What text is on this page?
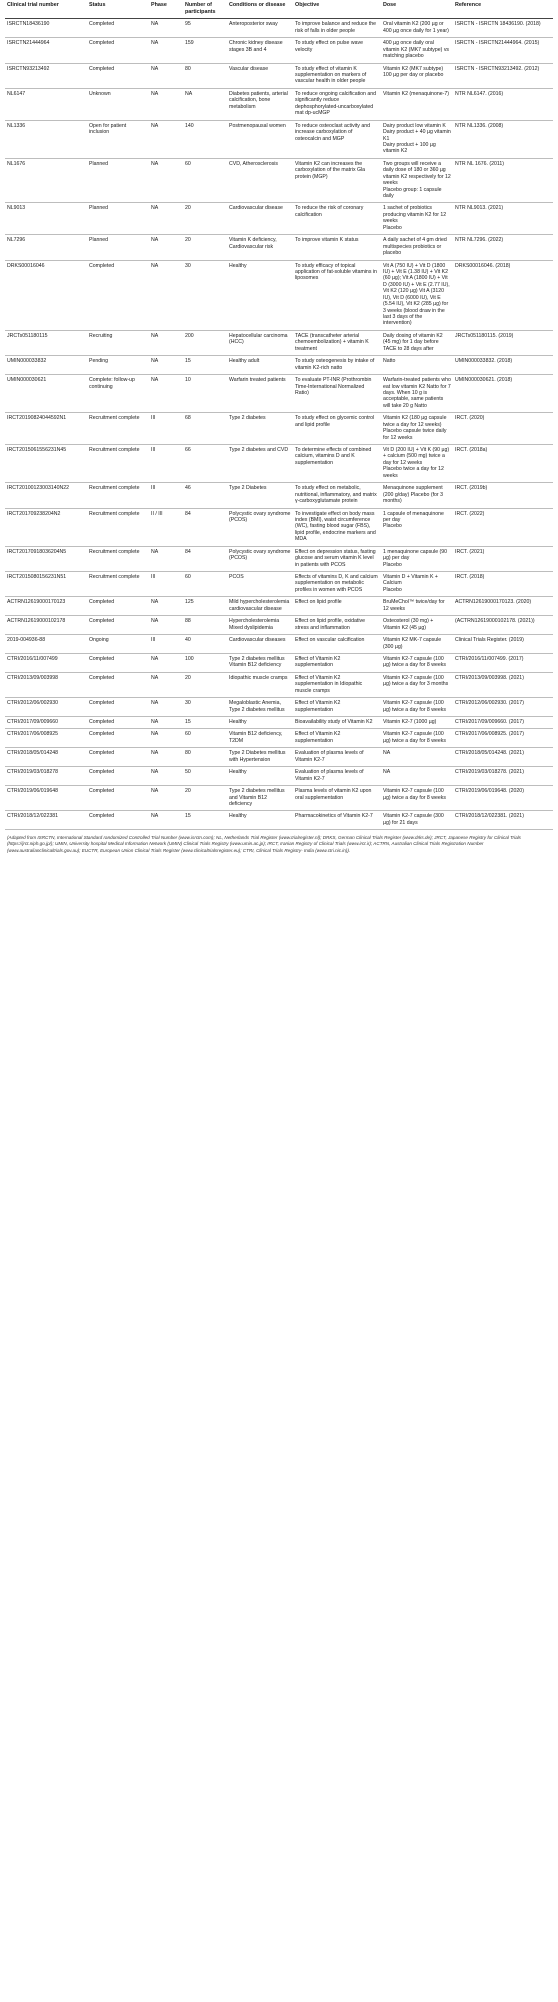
Clinical trial number	Status	Phase	Number of participants	Conditions or disease	Objective	Dose	Reference
ISRCTN18436190	Completed	NA	95	Anteroposterior sway	To improve balance and reduce the risk of falls in older people	Oral vitamin K2 (200 µg or 400 µg once daily for 1 year)	ISRCTN - ISRCTN 18436190. (2018)
ISRCTN21444964	Completed	NA	159	Chronic kidney disease stages 3B and 4	To study effect on pulse wave velocity	400 µg once daily oral vitamin K2 (MK7 subtype) vs matching placebo	ISRCTN - ISRCTN21444964. (2015)
ISRCTN93213492	Completed	NA	80	Vascular disease	To study effect of vitamin K supplementation on markers of vascular health in older people	Vitamin K2 (MK7 subtype) 100 µg per day or placebo	ISRCTN - ISRCTN93213492. (2012)
NL6147	Unknown	NA	NA	Diabetes patients, arterial calcification, bone metabolism	To reduce ongoing calcification and significantly reduce dephosphorylated-uncarboxylated mat dp-ucMGP	Vitamin K2 (menaquinone-7)	NTR NL6147. (2016)
NL1336	Open for patient inclusion	NA	140	Postmenopausal women	To reduce osteoclast activity and increase carboxylation of osteocalcin and MGP	Dairy product low vitamin K
Dairy product + 40 µg vitamin K1
Dairy product + 100 µg vitamin K2	NTR NL1336. (2008)
NL1676	Planned	NA	60	CVD, Atherosclerosis	Vitamin K2 can increases the carboxylation of the matrix Gla protein (MGP)	Two groups will receive a daily dose of 180 or 360 µg vitamin K2 respectively for 12 weeks
Placebo group: 1 capsule daily	NTR NL 1676. (2011)
NL9013	Planned	NA	20	Cardiovascular disease	To reduce the risk of coronary calcification	1 sachet of probiotics producing vitamin K2 for 12 weeks
Placebo	NTR NL9013. (2021)
NL7296	Planned	NA	20	Vitamin K deficiency, Cardiovascular risk	To improve vitamin K status	A daily sachet of 4 gm dried multispecies probiotics or placebo	NTR NL7296. (2022)
DRKS00016046	Completed	NA	30	Healthy	To study efficacy of topical application of fat-soluble vitamins in liposomes	Vit A (750 IU) + Vit D (1800 IU) + Vit E (1.38 IU) + Vit K2 (60 µg); Vit A (1800 IU) + Vit D (3000 IU) + Vit E (2.77 IU), Vit K2 (120 µg) Vit A (3120 IU), Vit D (6000 IU), Vit E (5.54 IU), Vit K2 (285 µg) for 3 weeks (blood draw in the last 3 days of the intervention)	DRKS00016046. (2018)
JRCTs051180115	Recruiting	NA	200	Hepatocellular carcinoma (HCC)	TACE (transcatheter arterial chemoembolization) + vitamin K treatment	Daily dosing of vitamin K2 (45 mg) for 1 day before TACE to 28 days after	JRCTs051180115. (2019)
UMIN000033832	Pending	NA	15	Healthy adult	To study osteogenesis by intake of vitamin K2-rich natto	Natto	UMIN000033832. (2018)
UMIN000030621	Complete: follow-up continuing	NA	10	Warfarin treated patients	To evaluate PT-INR (Prothrombin Time-International Normalized Ratio)	Warfarin-treated patients who eat low vitamin K2 Natto for 7 days. When 10 g is acceptable, same patients will take 20 g Natto	UMIN000030621. (2018)
IRCT20190824044592N1	Recruitment complete	III	68	Type 2 diabetes	To study effect on glycemic control and lipid profile	Vitamin K2 (180 µg capsule twice a day for 12 weeks)
Placebo capsule twice daily for 12 weeks	IRCT. (2020)
IRCT2015061556231N45	Recruitment complete	III	66	Type 2 diabetes and CVD	To determine effects of combined calcium, vitamins D and K supplementation	Vit D (200 IU) + Vit K (90 µg) + calcium (500 mg) twice a day for 12 weeks
Placebo twice a day for 12 weeks	IRCT. (2018a)
IRCT20100123003140N22	Recruitment complete	III	46	Type 2 Diabetes	To study effect on metabolic, nutritional, inflammatory, and matrix γ-carboxyglutamate protein	Menaquinone supplement (200 g/day) Placebo (for 3 months)	IRCT. (2019b)
IRCT201709238204N2	Recruitment complete	II / III	84	Polycystic ovary syndrome (PCOS)	To investigate effect on body mass index (BMI), waist circumference (WC), fasting blood sugar (FBS), lipid profile, endocrine markers and MDA	1 capsule of menaquinone per day
Placebo	IRCT. (2022)
IRCT20170918036204N5	Recruitment complete	NA	84	Polycystic ovary syndrome (PCOS)	Effect on depression status, fasting glucose and serum vitamin K level in patients with PCOS	1 menaquinone capsule (90 µg) per day
Placebo	IRCT. (2021)
IRCT2015080156231N51	Recruitment complete	III	60	PCOS	Effects of vitamins D, K and calcium supplementation on metabolic profiles in women with PCOS	Vitamin D + Vitamin K + Calcium
Placebo	IRCT. (2018)
ACTRN12619000170123	Completed	NA	125	Mild hypercholesterolemia cardiovascular disease	Effect on lipid profile	BruMeChol™ twice/day for 12 weeks	ACTRN12619000170123. (2020)
ACTRN12619000102178	Completed	NA	88	Hypercholesterolemia Mixed dyslipidemia	Effect on lipid profile, oxidative stress and inflammation	Osteosterol (30 mg) + Vitamin K2 (45 µg)	(ACTRN12619000102178. (2021))
2019-004936-88	Ongoing	III	40	Cardiovascular diseases	Effect on vascular calcification	Vitamin K2 MK-7 capsule (300 µg)	Clinical Trials Register. (2019)
CTRI/2016/11/007499	Completed	NA	100	Type 2 diabetes mellitus Vitamin B12 deficiency	Effect of Vitamin K2 supplementation	Vitamin K2-7 capsule (100 µg) twice a day for 8 weeks	CTRI/2016/11/007499. (2017)
CTRI/2013/09/003998	Completed	NA	20	Idiopathic muscle cramps	Effect of Vitamin K2 supplementation in Idiopathic muscle cramps	Vitamin K2-7 capsule (100 µg) twice a day for 3 months	CTRI/2013/09/003998. (2021)
CTRI/2012/06/002930	Completed	NA	30	Megaloblastic Anemia, Type 2 diabetes mellitus	Effect of Vitamin K2 supplementation	Vitamin K2-7 capsule (100 µg) twice a day for 8 weeks	CTRI/2012/06/002930. (2017)
CTRI/2017/09/009660	Completed	NA	15	Healthy	Bioavailability study of Vitamin K2	Vitamin K2-7 (1000 µg)	CTRI/2017/09/009660. (2017)
CTRI/2017/06/008925	Completed	NA	60	Vitamin B12 deficiency, T2DM	Effect of Vitamin K2 supplementation	Vitamin K2-7 capsule (100 µg) twice a day for 8 weeks	CTRI/2017/06/008925. (2017)
CTRI/2018/05/014248	Completed	NA	80	Type 2 Diabetes mellitus with Hypertension	Evaluation of plasma levels of Vitamin K2-7	NA	CTRI/2018/05/014248. (2021)
CTRI/2019/03/018278	Completed	NA	50	Healthy	Evaluation of plasma levels of Vitamin K2-7	NA	CTRI/2019/03/018278. (2021)
CTRI/2019/06/019648	Completed	NA	20	Type 2 diabetes mellitus and Vitamin B12 deficiency	Plasma levels of vitamin K2 upon oral supplementation	Vitamin K2-7 capsule (100 µg) twice a day for 8 weeks	CTRI/2019/06/019648. (2020)
CTRI/2018/12/022381	Completed	NA	15	Healthy	Pharmacokinetics of Vitamin K2-7	Vitamin K2-7 capsule (300 µg) for 21 days	CTRI/2018/12/022381. (2021)
(Adapted from ISRCTN, International Standard randomized Controlled Trial Number (www.isrctn.com); NL, Netherlands Trial Register (www.trialregister.nl); DRKS, German Clinical Trials Register (www.drks.de); JRCT, Japanese Registry for Clinical Trials (https://jrct.niph.go.jp/); UMIN, University hospital Medical Information Network (UMIN) Clinical Trials Registry (www.umin.ac.jp); IRCT, Iranian Registry of Clinical Trials (www.irct.ir); ACTRN, Australian Clinical Trials Registration Number (www.australianclinicaltrials.gov.au); EUCTR, European Union Clinical Trials Register (www.clinicaltrialsregister.eu); CTRI, Clinical Trials Registry- India (www.ctri.nic.in)).
